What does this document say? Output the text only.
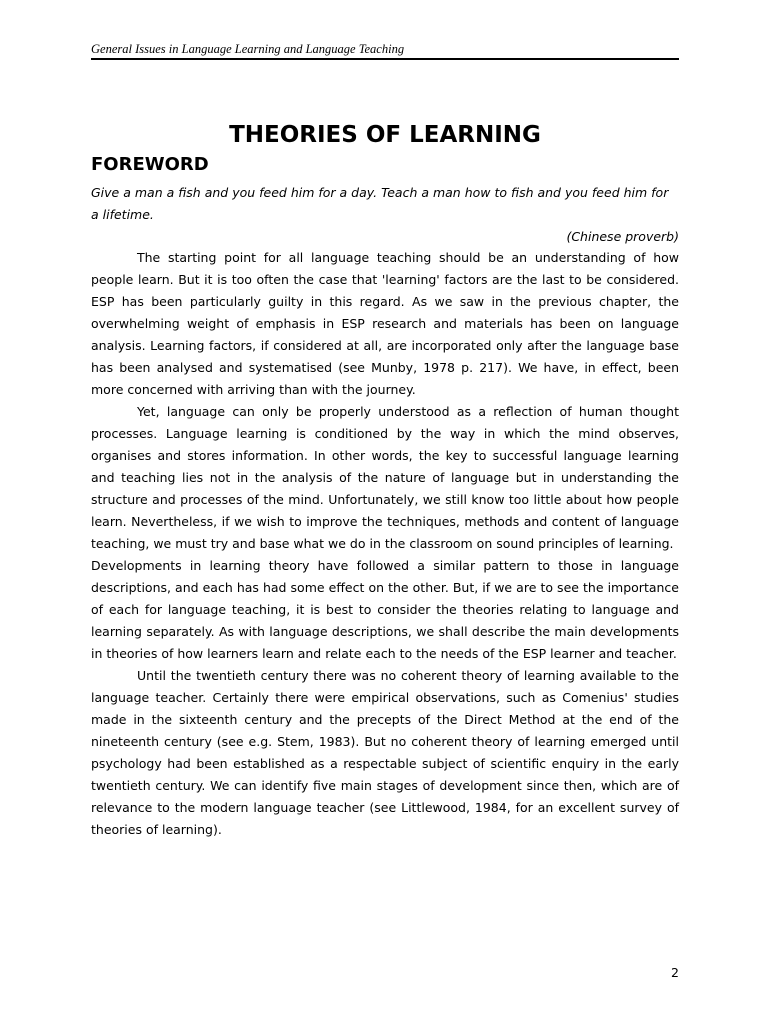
General Issues in Language Learning and Language Teaching
THEORIES OF LEARNING
FOREWORD
Give a man a fish and you feed him for a day. Teach a man how to fish and you feed him for a lifetime.
(Chinese proverb)

The starting point for all language teaching should be an understanding of how people learn. But it is too often the case that 'learning' factors are the last to be considered. ESP has been particularly guilty in this regard. As we saw in the previous chapter, the overwhelming weight of emphasis in ESP research and materials has been on language analysis. Learning factors, if considered at all, are incorporated only after the language base has been analysed and systematised (see Munby, 1978 p. 217). We have, in effect, been more concerned with arriving than with the journey.

Yet, language can only be properly understood as a reflection of human thought processes. Language learning is conditioned by the way in which the mind observes, organises and stores information. In other words, the key to successful language learning and teaching lies not in the analysis of the nature of language but in understanding the structure and processes of the mind. Unfortunately, we still know too little about how people learn. Nevertheless, if we wish to improve the techniques, methods and content of language teaching, we must try and base what we do in the classroom on sound principles of learning.

Developments in learning theory have followed a similar pattern to those in language descriptions, and each has had some effect on the other. But, if we are to see the importance of each for language teaching, it is best to consider the theories relating to language and learning separately. As with language descriptions, we shall describe the main developments in theories of how learners learn and relate each to the needs of the ESP learner and teacher.

Until the twentieth century there was no coherent theory of learning available to the language teacher. Certainly there were empirical observations, such as Comenius' studies made in the sixteenth century and the precepts of the Direct Method at the end of the nineteenth century (see e.g. Stem, 1983). But no coherent theory of learning emerged until psychology had been established as a respectable subject of scientific enquiry in the early twentieth century. We can identify five main stages of development since then, which are of relevance to the modern language teacher (see Littlewood, 1984, for an excellent survey of theories of learning).

2
